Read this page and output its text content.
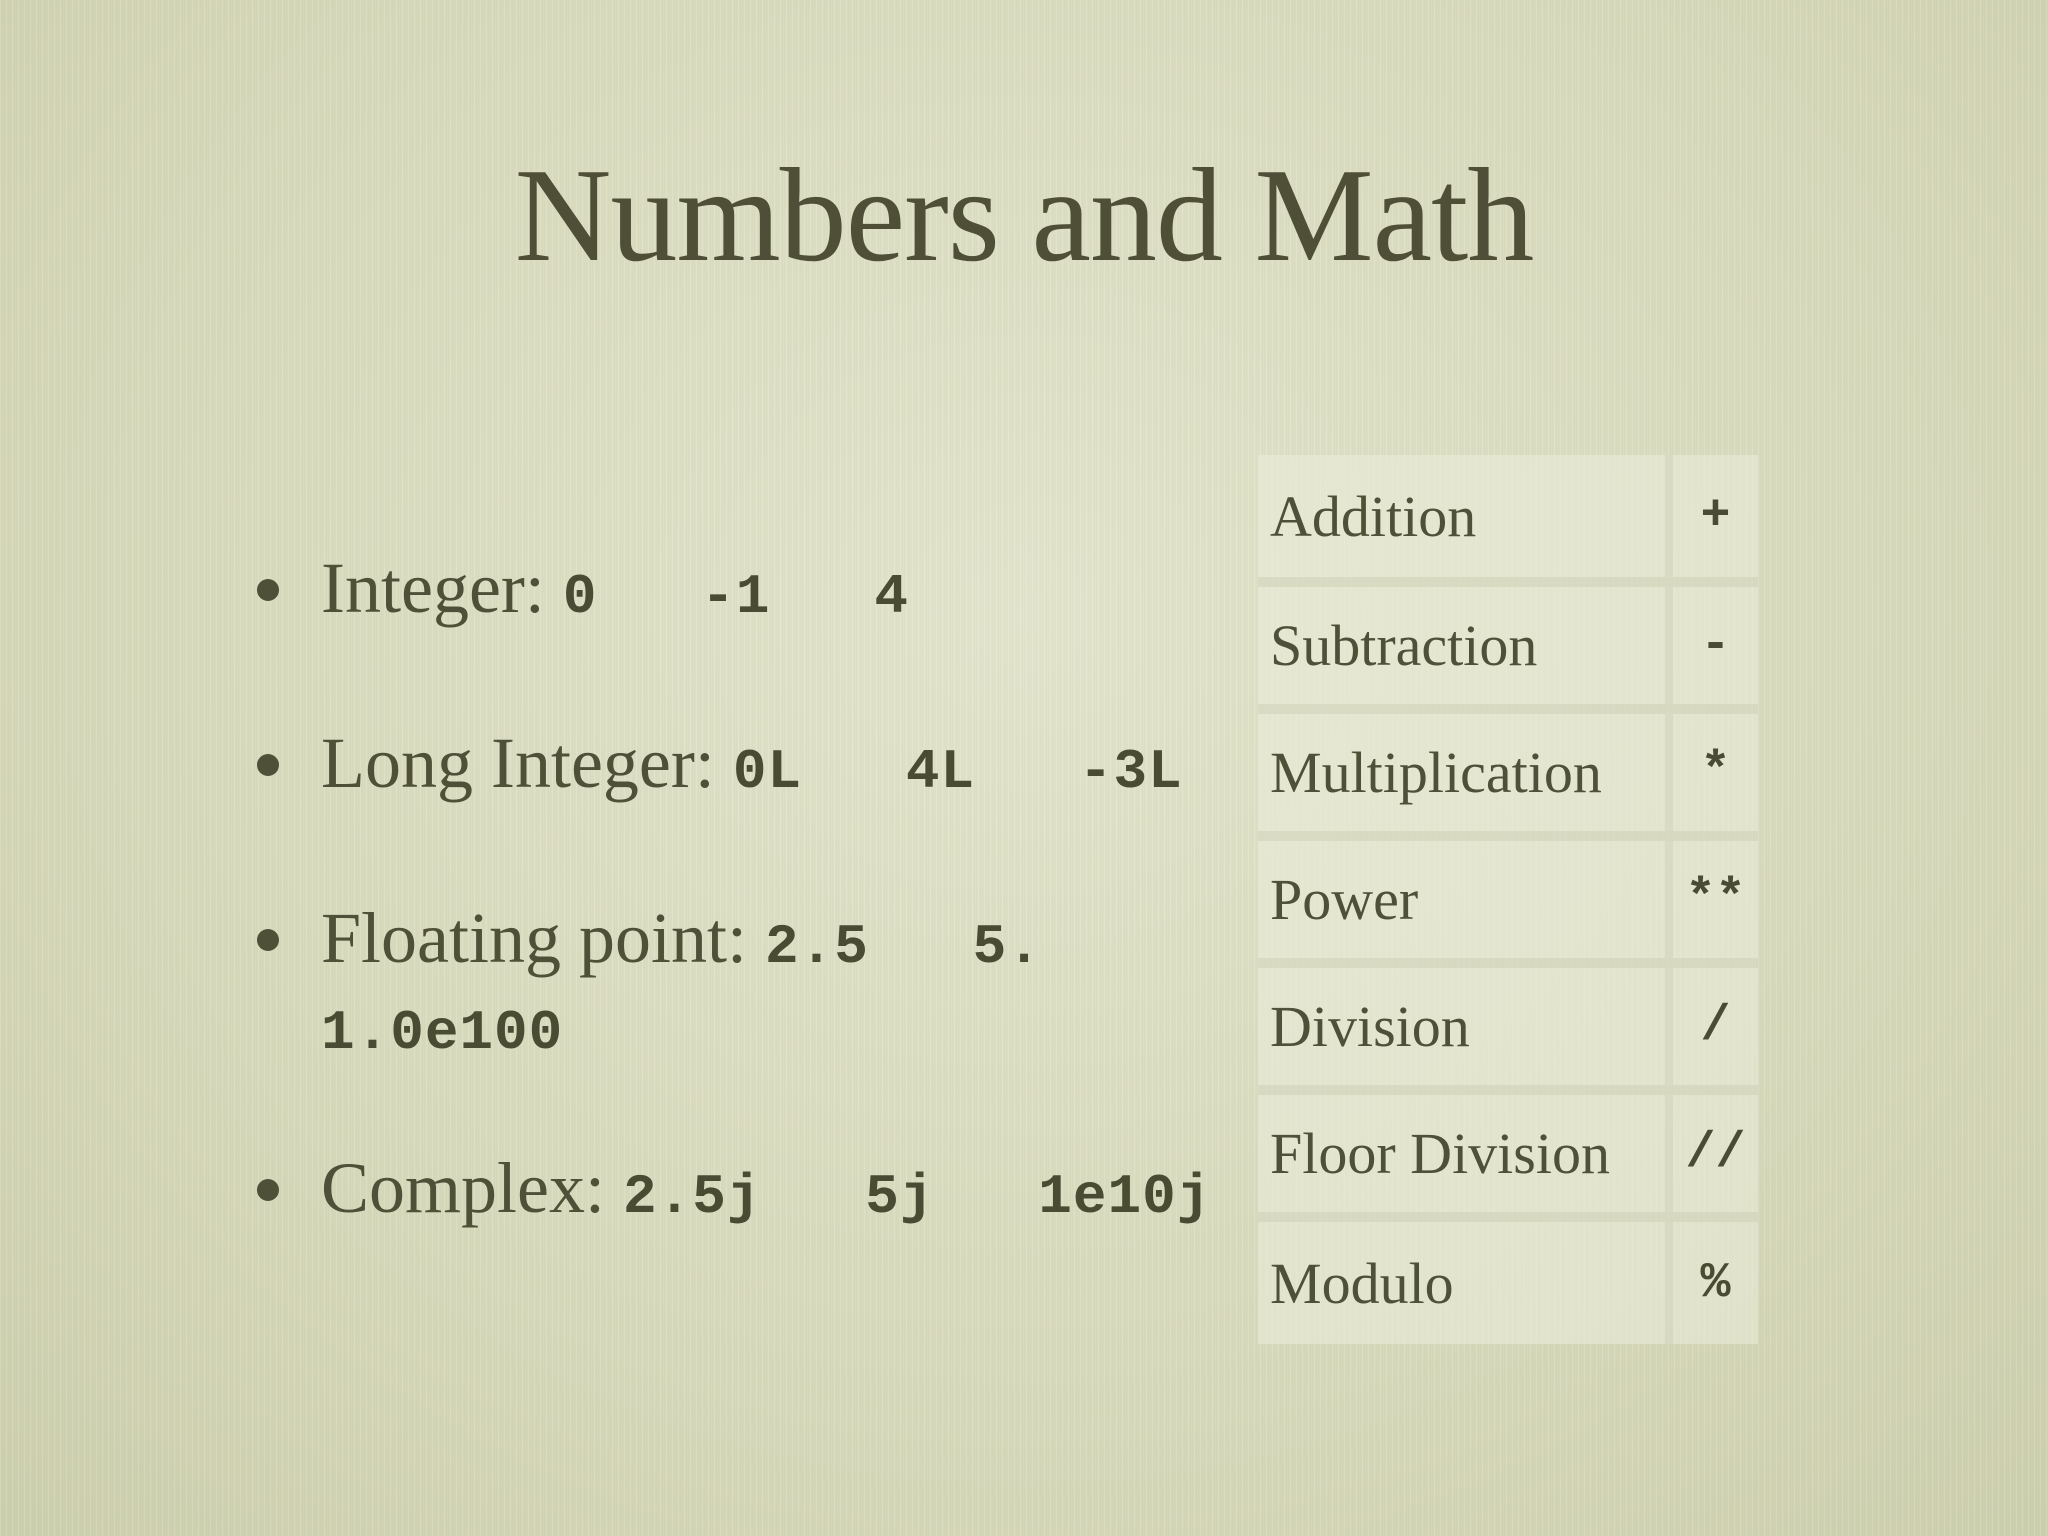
Numbers and Math
Integer: 0   -1   4
Long Integer: 0L   4L   -3L
Floating point: 2.5   5.
1.0e100
Complex: 2.5j   5j   1e10j
Addition	+
Subtraction	-
Multiplication	*
Power	**
Division	/
Floor Division	//
Modulo	%
